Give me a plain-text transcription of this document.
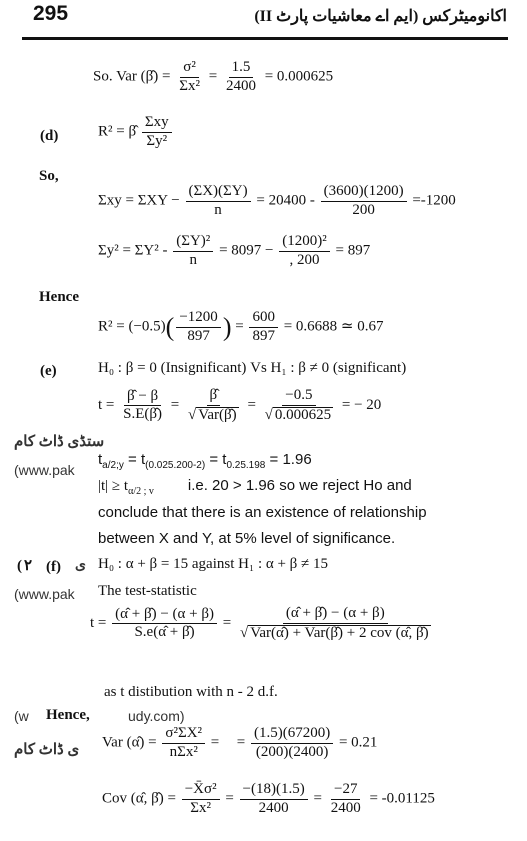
295	اکانومیٹرکس (ایم اے معاشیات پارٹ II)
So. Var (β̂) = $\frac{\text{σ²}}{\text{Σx²}} = \frac{1.5}{2400} = 0.000625$
(d)	R² = β̂ $\frac{\text{Σxy}}{\text{Σy²}}$
So,
$\Sigma xy = \Sigma XY - \frac{(\Sigma X)(\Sigma Y)}{n} = 20400 - \frac{(3600)(1200)}{200} =-1200$
$\Sigma y^2 = \Sigma Y^2 - \frac{\text{(ΣY)²}}{n} = 8097 - \frac{\text{(1200)²}}{, 200} = 897$
Hence
$R^2 = (-0.5)( \frac{-1200}{897}$ ) = $\frac{600}{897} = 0.6688$ ≃ 0.67
(e)	H₀ : β = 0 (Insignificant) Vs H₁ : β ≠ 0 (significant)
$t = \frac{\betâ - \beta}{S.E(\betâ)} = \frac{\betâ}{\text{√ Var(β̂)}} = \frac{-0.5}{√ 0.000625}$ = − 20
ستڈی ڈاٹ کام
$t_{a/2;y} = t_{(0.025.200-2)} = t_{0.25.198} = 1.96$
(www.pak
$|t| \ge t_{\alpha/2 ; v}$ i.e. 20 > 1.96 so we reject Ho and
conclude that there is an existence of relationship
between X and Y, at 5% level of significance.
( ٢ (f) ی H₀ : α + β = 15 against H₁ : α + β ≠ 15
(www.pak The test-statistic
$t = \frac{(\alphâ + \betâ) - (\alpha + \beta)}{S.e(\alphâ + \betâ)} = \frac{(\alphâ + \betâ) - (\alpha + \beta)}{\text{√ Var(α̂) + Var(β̂) + 2 cov (α̂, β̂)}}$
as t distibution with n - 2 d.f.
(w Hence,	udy.com)
ی ڈاٹ کام Var (α̂) = $\frac{\text{σ²ΣX²}}{\text{nΣx²}}$ = = $\frac{(1.5)(67200)}{(200)(2400)} = 0.21$
Cov (α̂, β̂) = $\frac{\text{−X̄σ²}}{\text{Σx²}} = \frac{-(18)(1.5)}{2400} = \frac{-27}{2400} = -0.01125$
